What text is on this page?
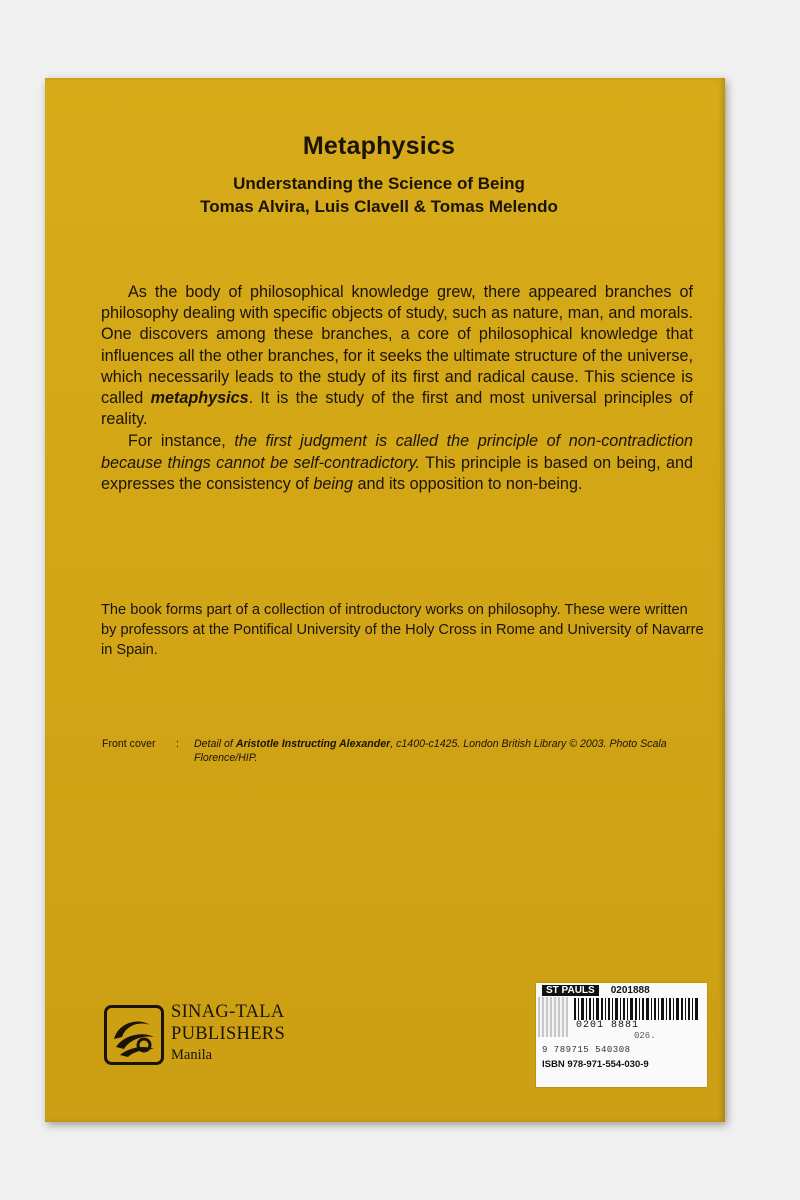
Metaphysics
Understanding the Science of Being
Tomas Alvira, Luis Clavell & Tomas Melendo

As the body of philosophical knowledge grew, there appeared branches of philosophy dealing with specific objects of study, such as nature, man, and morals. One discovers among these branches, a core of philosophical knowledge that influences all the other branches, for it seeks the ultimate structure of the universe, which necessarily leads to the study of its first and radical cause. This science is called metaphysics. It is the study of the first and most universal principles of reality.

For instance, the first judgment is called the principle of non-contradiction because things cannot be self-contradictory. This principle is based on being, and expresses the consistency of being and its opposition to non-being.

The book forms part of a collection of introductory works on philosophy. These were written by professors at the Pontifical University of the Holy Cross in Rome and University of Navarre in Spain.
Front cover	:	Detail of Aristotle Instructing Alexander, c1400-c1425. London British Library © 2003. Photo Scala Florence/HIP.
SINAG-TALA
PUBLISHERS
Manila
ST PAULS	0201888
0201 8881
026.
9 789715 540308
ISBN 978-971-554-030-9
